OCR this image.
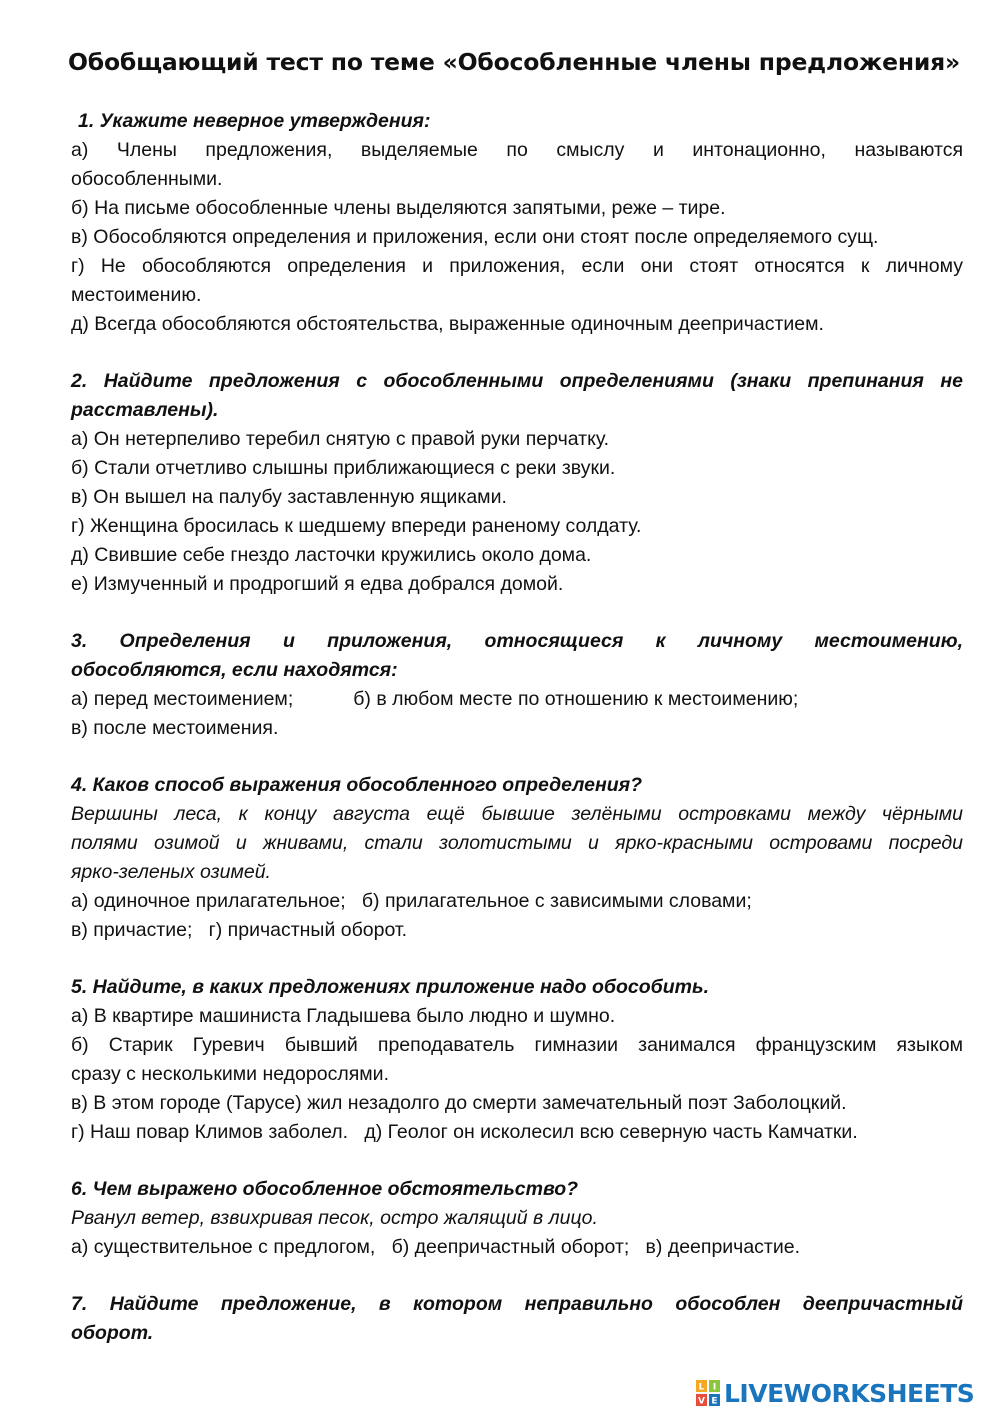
Обобщающий тест по теме «Обособленные члены предложения»

1. Укажите неверное утверждения:

а) Члены предложения, выделяемые по смыслу и интонационно, называются

обособленными.

б) На письме обособленные члены выделяются запятыми, реже – тире.

в) Обособляются определения и приложения, если они стоят после определяемого сущ.

г) Не обособляются определения и приложения, если они стоят относятся к личному

местоимению.

д) Всегда обособляются обстоятельства, выраженные одиночным деепричастием.

2. Найдите предложения с обособленными определениями (знаки препинания не

расставлены).

а) Он нетерпеливо теребил снятую с правой руки перчатку.

б) Стали отчетливо слышны приближающиеся с реки звуки.

в) Он вышел на палубу заставленную ящиками.

г) Женщина бросилась к шедшему впереди раненому солдату.

д) Свившие себе гнездо ласточки кружились около дома.

е) Измученный и продрогший я едва добрался домой.

3. Определения и приложения, относящиеся к личному местоимению,

обособляются, если находятся:

а) перед местоимением;	б) в любом месте по отношению к местоимению;

в) после местоимения.

4. Каков способ выражения обособленного определения?

Вершины леса, к концу августа ещё бывшие зелёными островками между чёрными

полями озимой и жнивами, стали золотистыми и ярко-красными островами посреди

ярко-зеленых озимей.

а) одиночное прилагательное;   б) прилагательное с зависимыми словами;

в) причастие;   г) причастный оборот.

5. Найдите, в каких предложениях приложение надо обособить.

а) В квартире машиниста Гладышева было людно и шумно.

б) Старик Гуревич бывший преподаватель гимназии занимался французским языком

сразу с несколькими недорослями.

в) В этом городе (Тарусе) жил незадолго до смерти замечательный поэт Заболоцкий.

г) Наш повар Климов заболел.   д) Геолог он исколесил всю северную часть Камчатки.

6. Чем выражено обособленное обстоятельство?

Рванул ветер, взвихривая песок, остро жалящий в лицо.

а) существительное с предлогом,   б) деепричастный оборот;   в) деепричастие.

7. Найдите предложение, в котором неправильно обособлен деепричастный

оборот.

L I
V E LIVEWORKSHEETS
